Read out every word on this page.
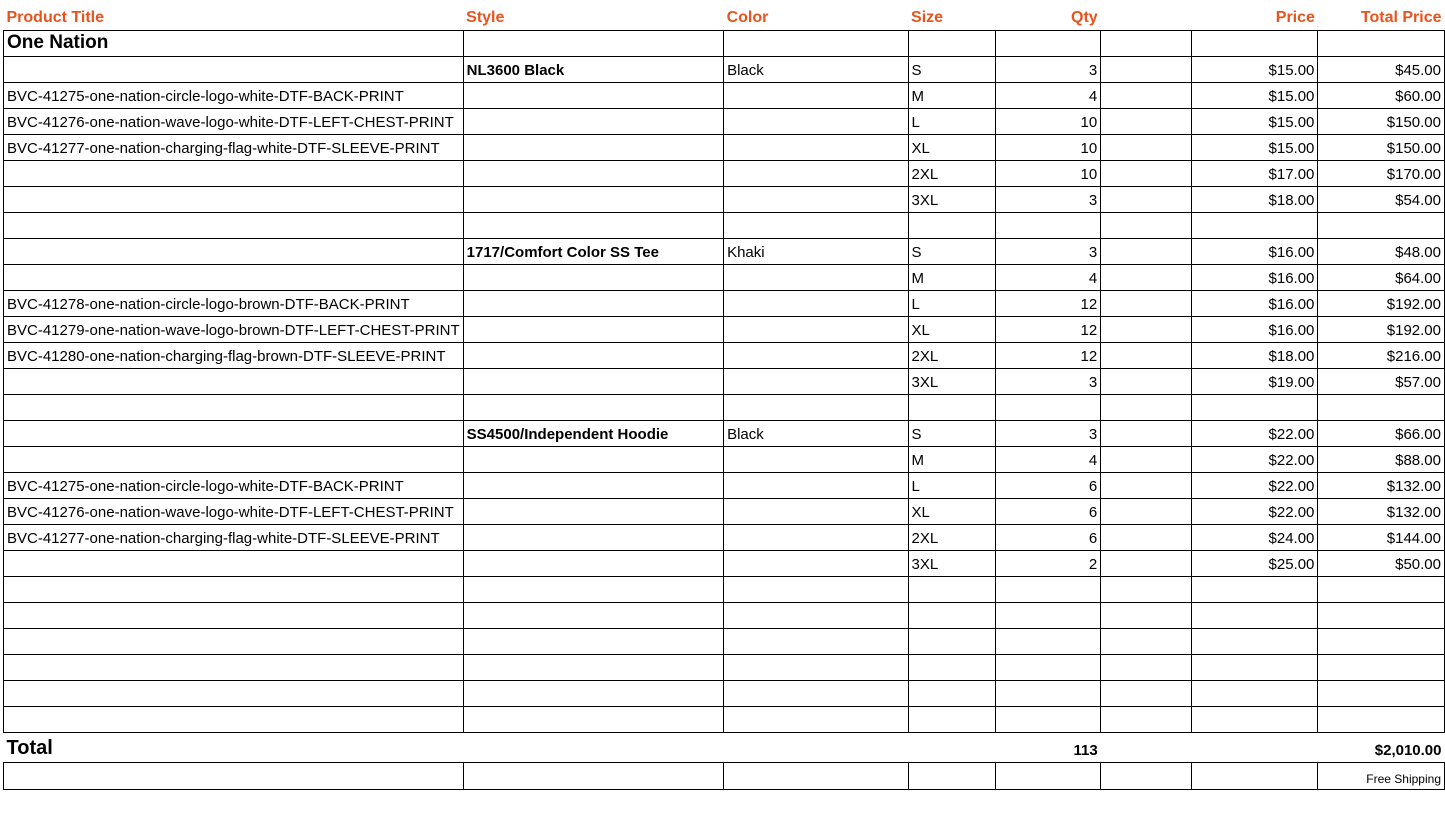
Product Title	Style	Color	Size	Qty		Price	Total Price
One Nation							
	NL3600 Black	Black	S	3		$15.00	$45.00
BVC-41275-one-nation-circle-logo-white-DTF-BACK-PRINT			M	4		$15.00	$60.00
BVC-41276-one-nation-wave-logo-white-DTF-LEFT-CHEST-PRINT			L	10		$15.00	$150.00
BVC-41277-one-nation-charging-flag-white-DTF-SLEEVE-PRINT			XL	10		$15.00	$150.00
			2XL	10		$17.00	$170.00
			3XL	3		$18.00	$54.00

	1717/Comfort Color SS Tee	Khaki	S	3		$16.00	$48.00
			M	4		$16.00	$64.00
BVC-41278-one-nation-circle-logo-brown-DTF-BACK-PRINT			L	12		$16.00	$192.00
BVC-41279-one-nation-wave-logo-brown-DTF-LEFT-CHEST-PRINT			XL	12		$16.00	$192.00
BVC-41280-one-nation-charging-flag-brown-DTF-SLEEVE-PRINT			2XL	12		$18.00	$216.00
			3XL	3		$19.00	$57.00

	SS4500/Independent Hoodie	Black	S	3		$22.00	$66.00
			M	4		$22.00	$88.00
BVC-41275-one-nation-circle-logo-white-DTF-BACK-PRINT			L	6		$22.00	$132.00
BVC-41276-one-nation-wave-logo-white-DTF-LEFT-CHEST-PRINT			XL	6		$22.00	$132.00
BVC-41277-one-nation-charging-flag-white-DTF-SLEEVE-PRINT			2XL	6		$24.00	$144.00
			3XL	2		$25.00	$50.00

Total				113			$2,010.00
							Free Shipping
